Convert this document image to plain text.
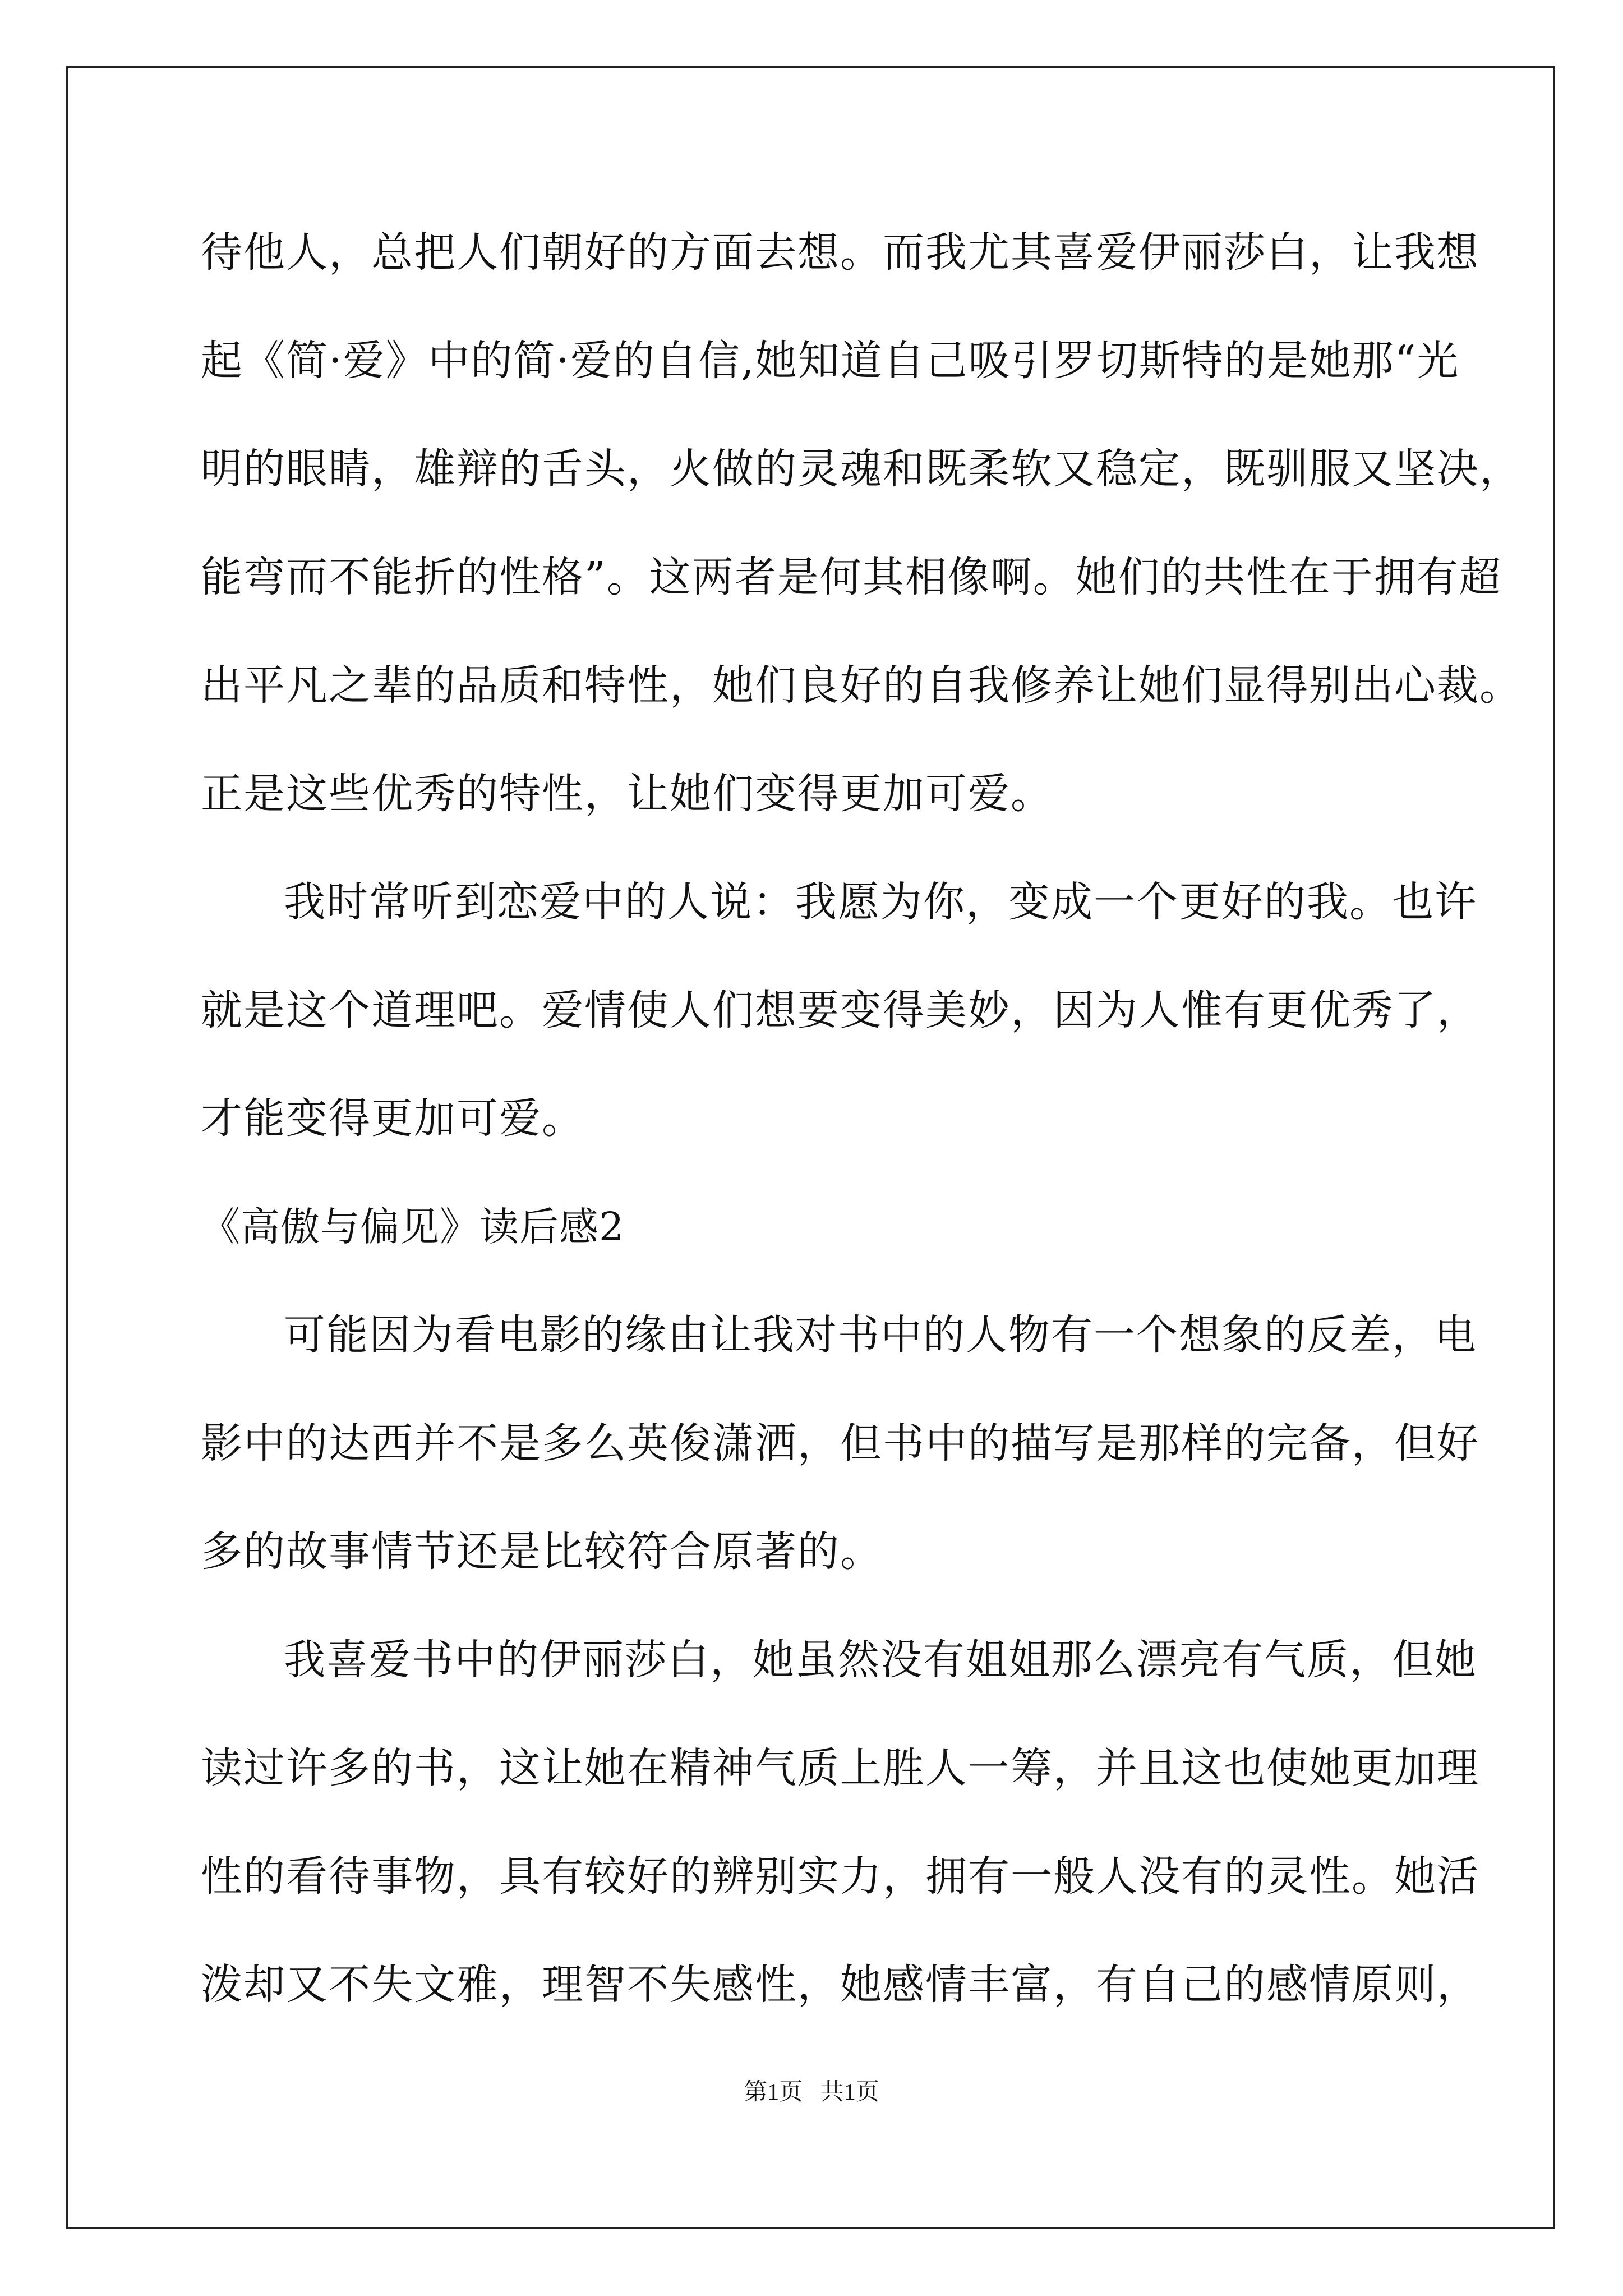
待他人，总把人们朝好的方面去想。而我尤其喜爱伊丽莎白，让我想
起《简·爱》中的简·爱的自信,她知道自己吸引罗切斯特的是她那“光
明的眼睛，雄辩的舌头，火做的灵魂和既柔软又稳定，既驯服又坚决，
能弯而不能折的性格”。这两者是何其相像啊。她们的共性在于拥有超
出平凡之辈的品质和特性，她们良好的自我修养让她们显得别出心裁。
正是这些优秀的特性，让她们变得更加可爱。
我时常听到恋爱中的人说：我愿为你，变成一个更好的我。也许
就是这个道理吧。爱情使人们想要变得美妙，因为人惟有更优秀了，
才能变得更加可爱。
《高傲与偏见》读后感2
可能因为看电影的缘由让我对书中的人物有一个想象的反差，电
影中的达西并不是多么英俊潇洒，但书中的描写是那样的完备，但好
多的故事情节还是比较符合原著的。
我喜爱书中的伊丽莎白，她虽然没有姐姐那么漂亮有气质，但她
读过许多的书，这让她在精神气质上胜人一筹，并且这也使她更加理
性的看待事物，具有较好的辨别实力，拥有一般人没有的灵性。她活
泼却又不失文雅，理智不失感性，她感情丰富，有自己的感情原则，
第1页   共1页
